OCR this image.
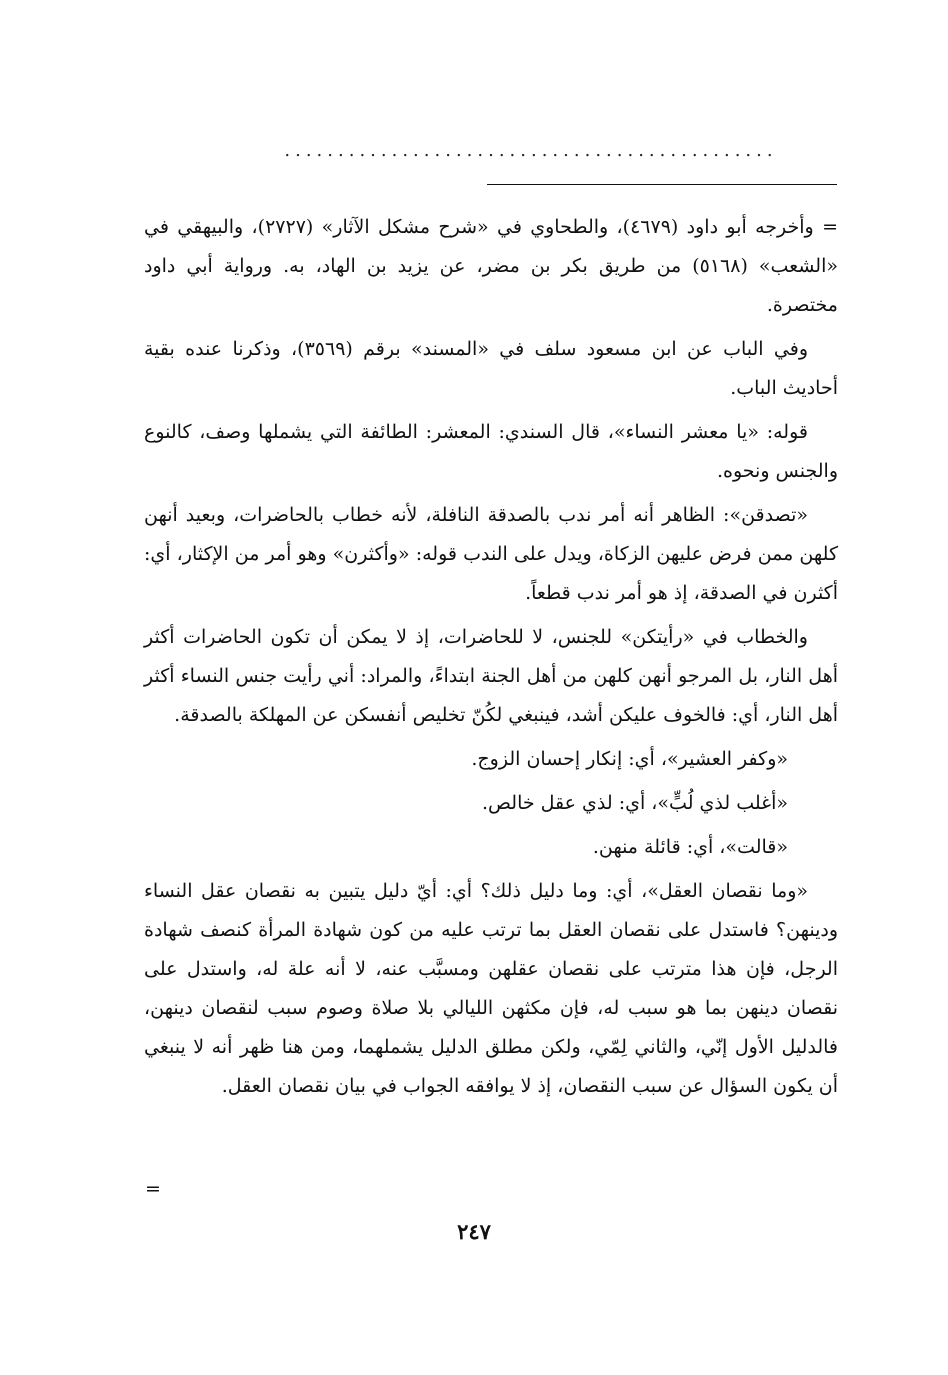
..............................................

= وأخرجه أبو داود (٤٦٧٩)، والطحاوي في «شرح مشكل الآثار» (٢٧٢٧)، والبيهقي في «الشعب» (٥١٦٨) من طريق بكر بن مضر، عن يزيد بن الهاد، به. ورواية أبي داود مختصرة.

وفي الباب عن ابن مسعود سلف في «المسند» برقم (٣٥٦٩)، وذكرنا عنده بقية أحاديث الباب.

قوله: «يا معشر النساء»، قال السندي: المعشر: الطائفة التي يشملها وصف، كالنوع والجنس ونحوه.

«تصدقن»: الظاهر أنه أمر ندب بالصدقة النافلة، لأنه خطاب بالحاضرات، وبعيد أنهن كلهن ممن فرض عليهن الزكاة، ويدل على الندب قوله: «وأكثرن» وهو أمر من الإكثار، أي: أكثرن في الصدقة، إذ هو أمر ندب قطعاً.

والخطاب في «رأيتكن» للجنس، لا للحاضرات، إذ لا يمكن أن تكون الحاضرات أكثر أهل النار، بل المرجو أنهن كلهن من أهل الجنة ابتداءً، والمراد: أني رأيت جنس النساء أكثر أهل النار، أي: فالخوف عليكن أشد، فينبغي لكُنّ تخليص أنفسكن عن المهلكة بالصدقة.

«وكفر العشير»، أي: إنكار إحسان الزوج.

«أغلب لذي لُبٍّ»، أي: لذي عقل خالص.

«قالت»، أي: قائلة منهن.

«وما نقصان العقل»، أي: وما دليل ذلك؟ أي: أيّ دليل يتبين به نقصان عقل النساء ودينهن؟ فاستدل على نقصان العقل بما ترتب عليه من كون شهادة المرأة كنصف شهادة الرجل، فإن هذا مترتب على نقصان عقلهن ومسبَّب عنه، لا أنه علة له، واستدل على نقصان دينهن بما هو سبب له، فإن مكثهن الليالي بلا صلاة وصوم سبب لنقصان دينهن، فالدليل الأول إنّي، والثاني لِمّي، ولكن مطلق الدليل يشملهما، ومن هنا ظهر أنه لا ينبغي أن يكون السؤال عن سبب النقصان، إذ لا يوافقه الجواب في بيان نقصان العقل.

=
٢٤٧
